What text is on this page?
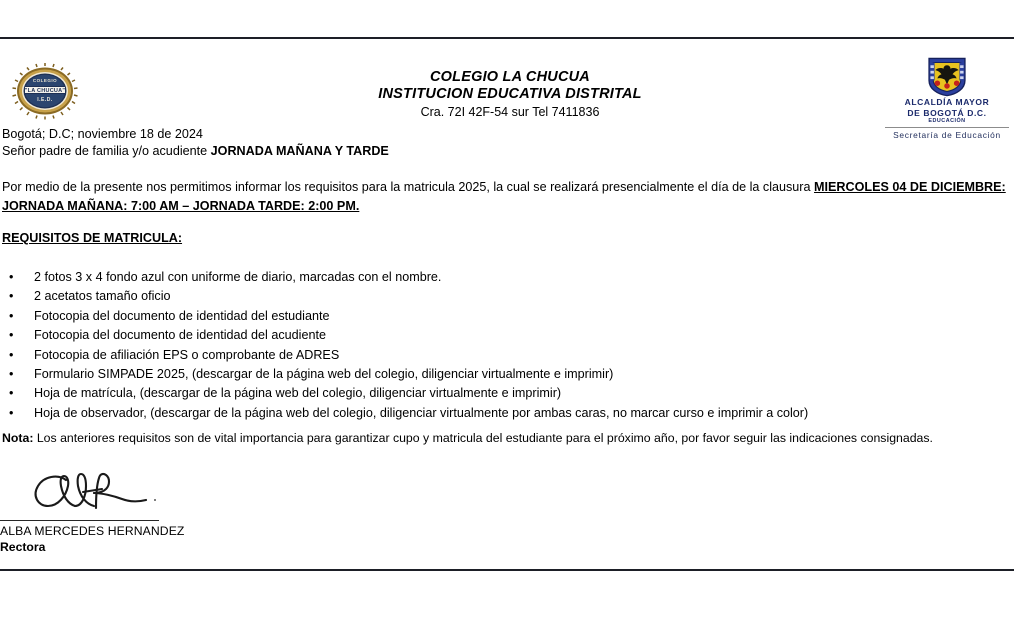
COLEGIO
"LA CHUCUA"
I.E.D.
COLEGIO LA CHUCUA
INSTITUCION EDUCATIVA DISTRITAL
Cra. 72I 42F-54 sur Tel 7411836
ALCALDÍA MAYOR
DE BOGOTÁ D.C.
EDUCACIÓN
Secretaría de Educación
Bogotá; D.C; noviembre 18 de 2024
Señor padre de familia y/o acudiente JORNADA MAÑANA Y TARDE
Por medio de la presente nos permitimos informar los requisitos para la matricula 2025, la cual se realizará presencialmente el día de la clausura MIERCOLES 04 DE DICIEMBRE: JORNADA MAÑANA: 7:00 AM – JORNADA TARDE: 2:00 PM.
REQUISITOS DE MATRICULA:
• 2 fotos 3 x 4 fondo azul con uniforme de diario, marcadas con el nombre.
• 2 acetatos tamaño oficio
• Fotocopia del documento de identidad del estudiante
• Fotocopia del documento de identidad del acudiente
• Fotocopia de afiliación EPS o comprobante de ADRES
• Formulario SIMPADE 2025, (descargar de la página web del colegio, diligenciar virtualmente e imprimir)
• Hoja de matrícula, (descargar de la página web del colegio, diligenciar virtualmente e imprimir)
• Hoja de observador, (descargar de la página web del colegio, diligenciar virtualmente por ambas caras, no marcar curso e imprimir a color)
Nota: Los anteriores requisitos son de vital importancia para garantizar cupo y matricula del estudiante para el próximo año, por favor seguir las indicaciones consignadas.
ALBA MERCEDES HERNANDEZ
Rectora
